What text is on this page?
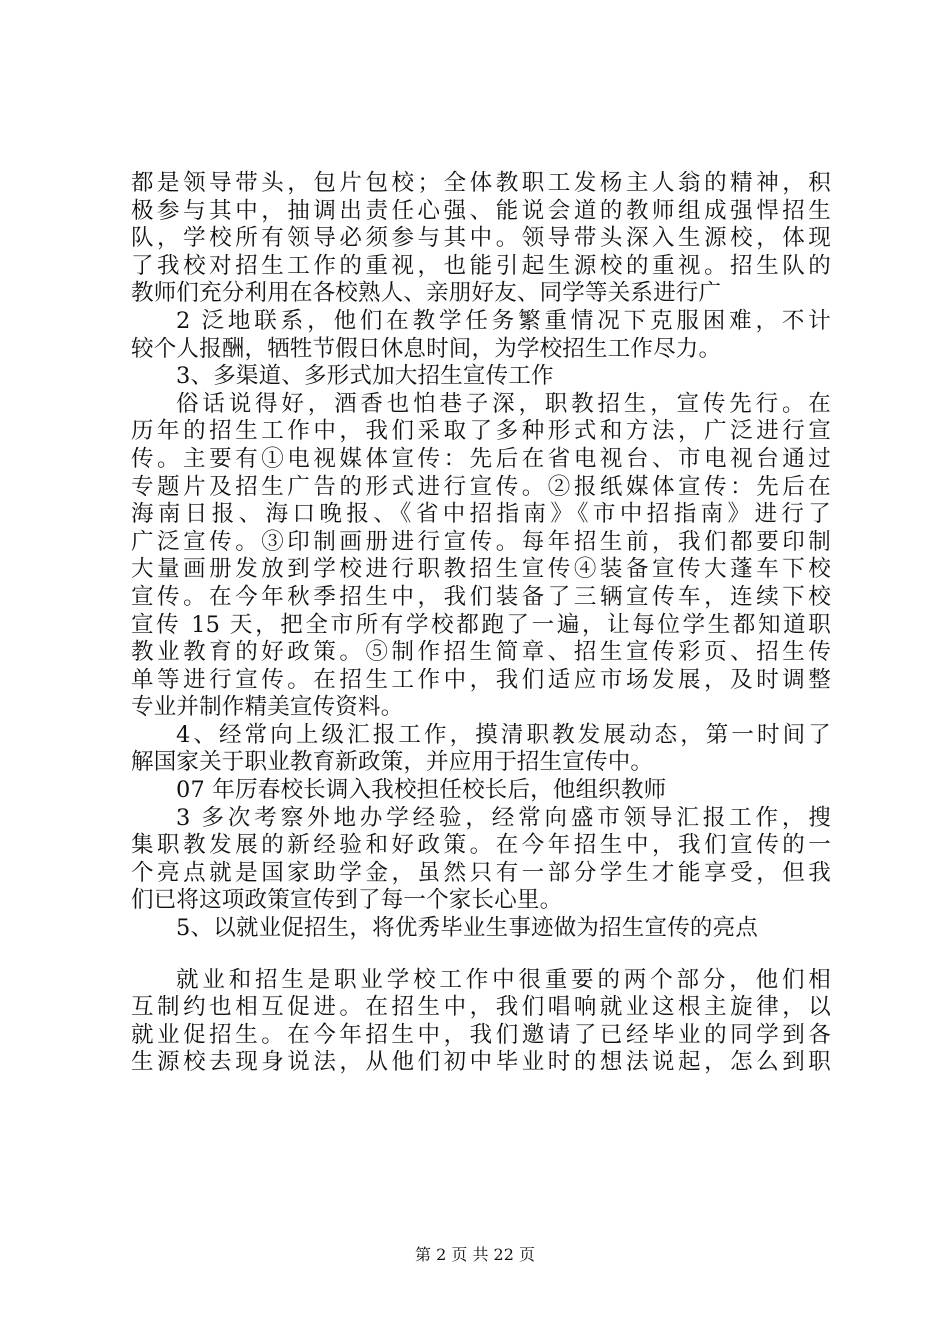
都是领导带头，包片包校；全体教职工发杨主人翁的精神，积
极参与其中，抽调出责任心强、能说会道的教师组成强悍招生
队，学校所有领导必须参与其中。领导带头深入生源校，体现
了我校对招生工作的重视，也能引起生源校的重视。招生队的
教师们充分利用在各校熟人、亲朋好友、同学等关系进行广
2 泛地联系，他们在教学任务繁重情况下克服困难，不计
较个人报酬，牺牲节假日休息时间，为学校招生工作尽力。
3、多渠道、多形式加大招生宣传工作
俗话说得好，酒香也怕巷子深，职教招生，宣传先行。在
历年的招生工作中，我们采取了多种形式和方法，广泛进行宣
传。主要有①电视媒体宣传：先后在省电视台、市电视台通过
专题片及招生广告的形式进行宣传。②报纸媒体宣传：先后在
海南日报、海口晚报、《省中招指南》《市中招指南》进行了
广泛宣传。③印制画册进行宣传。每年招生前，我们都要印制
大量画册发放到学校进行职教招生宣传④装备宣传大蓬车下校
宣传。在今年秋季招生中，我们装备了三辆宣传车，连续下校
宣传 15 天，把全市所有学校都跑了一遍，让每位学生都知道职
教业教育的好政策。⑤制作招生简章、招生宣传彩页、招生传
单等进行宣传。在招生工作中，我们适应市场发展，及时调整
专业并制作精美宣传资料。
4、经常向上级汇报工作，摸清职教发展动态，第一时间了
解国家关于职业教育新政策，并应用于招生宣传中。
07 年厉春校长调入我校担任校长后，他组织教师
3 多次考察外地办学经验，经常向盛市领导汇报工作，搜
集职教发展的新经验和好政策。在今年招生中，我们宣传的一
个亮点就是国家助学金，虽然只有一部分学生才能享受，但我
们已将这项政策宣传到了每一个家长心里。
5、以就业促招生，将优秀毕业生事迹做为招生宣传的亮点
就业和招生是职业学校工作中很重要的两个部分，他们相
互制约也相互促进。在招生中，我们唱响就业这根主旋律，以
就业促招生。在今年招生中，我们邀请了已经毕业的同学到各
生源校去现身说法，从他们初中毕业时的想法说起，怎么到职
第 2 页 共 22 页
